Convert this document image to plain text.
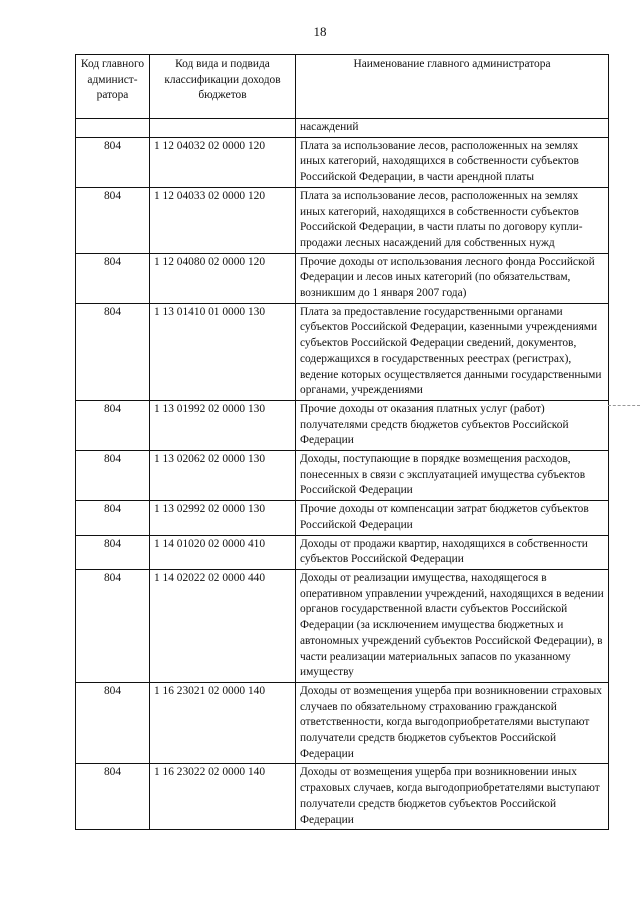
18
Код главного админист-ратора	Код вида и подвида классификации доходов бюджетов	Наименование главного администратора
		насаждений
804	1 12 04032 02 0000 120	Плата за использование лесов, расположенных на землях иных категорий, находящихся в собственности субъектов Российской Федерации, в части арендной платы
804	1 12 04033 02 0000 120	Плата за использование лесов, расположенных на землях иных категорий, находящихся в собственности субъектов Российской Федерации, в части платы по договору купли-продажи лесных насаждений для собственных нужд
804	1 12 04080 02 0000 120	Прочие доходы от использования лесного фонда Российской Федерации и лесов иных категорий (по обязательствам, возникшим до 1 января 2007 года)
804	1 13 01410 01 0000 130	Плата за предоставление государственными органами субъектов Российской Федерации, казенными учреждениями субъектов Российской Федерации сведений, документов, содержащихся в государственных реестрах (регистрах), ведение которых осуществляется данными государственными органами, учреждениями
804	1 13 01992 02 0000 130	Прочие доходы от оказания платных услуг (работ) получателями средств бюджетов субъектов Российской Федерации
804	1 13 02062 02 0000 130	Доходы, поступающие в порядке возмещения расходов, понесенных в связи с эксплуатацией имущества субъектов Российской Федерации
804	1 13 02992 02 0000 130	Прочие доходы от компенсации затрат бюджетов субъектов Российской Федерации
804	1 14 01020 02 0000 410	Доходы от продажи квартир, находящихся в собственности субъектов Российской Федерации
804	1 14 02022 02 0000 440	Доходы от реализации имущества, находящегося в оперативном управлении учреждений, находящихся в ведении органов государственной власти субъектов Российской Федерации (за исключением имущества бюджетных и автономных учреждений субъектов Российской Федерации), в части реализации материальных запасов по указанному имуществу
804	1 16 23021 02 0000 140	Доходы от возмещения ущерба при возникновении страховых случаев по обязательному страхованию гражданской ответственности, когда выгодоприобретателями выступают получатели средств бюджетов субъектов Российской Федерации
804	1 16 23022 02 0000 140	Доходы от возмещения ущерба при возникновении иных страховых случаев, когда выгодоприобретателями выступают получатели средств бюджетов субъектов Российской Федерации
